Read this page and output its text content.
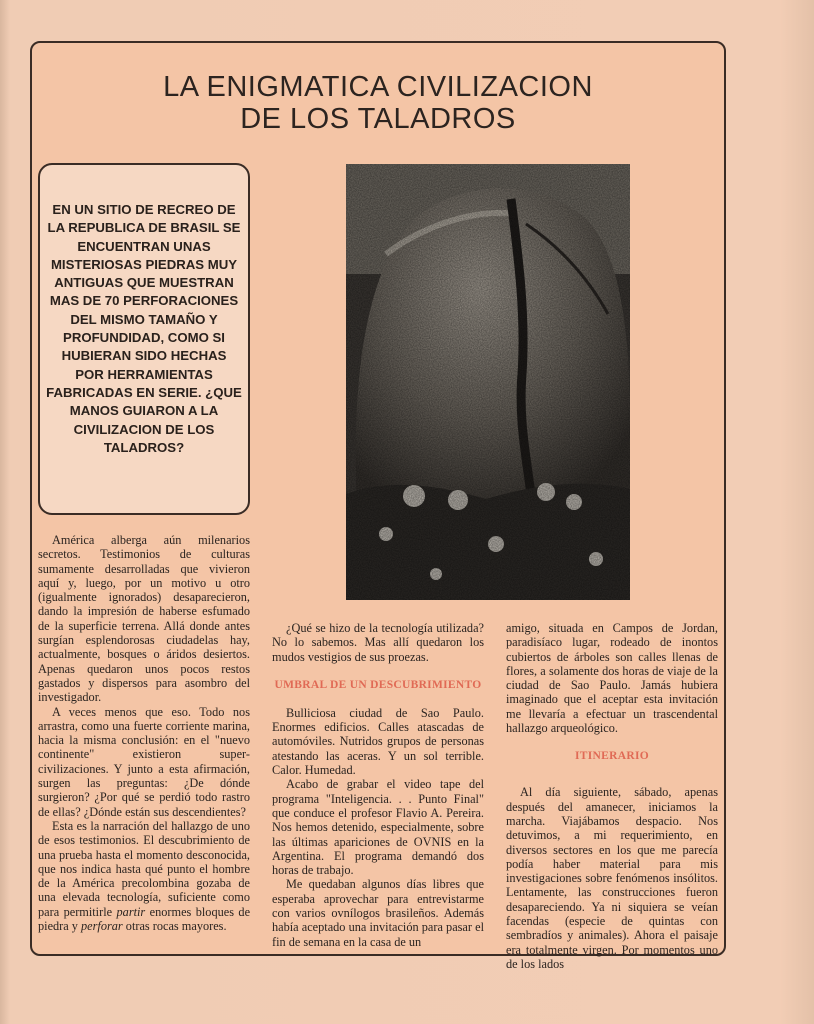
LA ENIGMATICA CIVILIZACION
DE LOS TALADROS

EN UN SITIO DE RECREO DE LA REPUBLICA DE BRASIL SE ENCUENTRAN UNAS MISTERIOSAS PIEDRAS MUY ANTIGUAS QUE MUESTRAN MAS DE 70 PERFORACIONES DEL MISMO TAMAÑO Y PROFUNDIDAD, COMO SI HUBIERAN SIDO HECHAS POR HERRAMIENTAS FABRICADAS EN SERIE. ¿QUE MANOS GUIARON A LA CIVILIZACION DE LOS TALADROS?

América alberga aún milenarios secretos. Testimonios de culturas sumamente desarrolladas que vivieron aquí y, luego, por un motivo u otro (igualmente ignorados) desaparecieron, dando la impresión de haberse esfumado de la superficie terrena. Allá donde antes surgían esplendorosas ciudadelas hay, actualmente, bosques o áridos desiertos. Apenas quedaron unos pocos restos gastados y dispersos para asombro del investigador.

A veces menos que eso. Todo nos arrastra, como una fuerte corriente marina, hacia la misma conclusión: en el "nuevo continente" existieron super-civilizaciones. Y junto a esta afirmación, surgen las preguntas: ¿De dónde surgieron? ¿Por qué se perdió todo rastro de ellas? ¿Dónde están sus descendientes?

Esta es la narración del hallazgo de uno de esos testimonios. El descubrimiento de una prueba hasta el momento desconocida, que nos indica hasta qué punto el hombre de la América precolombina gozaba de una elevada tecnología, suficiente como para permitirle partir enormes bloques de piedra y perforar otras rocas mayores.

¿Qué se hizo de la tecnología utilizada? No lo sabemos. Mas allí quedaron los mudos vestigios de sus proezas.

UMBRAL DE UN DESCUBRIMIENTO

Bulliciosa ciudad de Sao Paulo. Enormes edificios. Calles atascadas de automóviles. Nutridos grupos de personas atestando las aceras. Y un sol terrible. Calor. Humedad.

Acabo de grabar el video tape del programa "Inteligencia. . . Punto Final" que conduce el profesor Flavio A. Pereira. Nos hemos detenido, especialmente, sobre las últimas apariciones de OVNIS en la Argentina. El programa demandó dos horas de trabajo.

Me quedaban algunos días libres que esperaba aprovechar para entrevistarme con varios ovnílogos brasileños. Además había aceptado una invitación para pasar el fin de semana en la casa de un

amigo, situada en Campos de Jordan, paradisíaco lugar, rodeado de inontos cubiertos de árboles son calles llenas de flores, a solamente dos horas de viaje de la ciudad de Sao Paulo. Jamás hubiera imaginado que el aceptar esta invitación me llevaría a efectuar un trascendental hallazgo arqueológico.

ITINERARIO

Al día siguiente, sábado, apenas después del amanecer, iniciamos la marcha. Viajábamos despacio. Nos detuvimos, a mi requerimiento, en diversos sectores en los que me parecía podía haber material para mis investigaciones sobre fenómenos insólitos. Lentamente, las construcciones fueron desapareciendo. Ya ni siquiera se veían facendas (especie de quintas con sembradíos y animales). Ahora el paisaje era totalmente virgen. Por momentos uno de los lados
